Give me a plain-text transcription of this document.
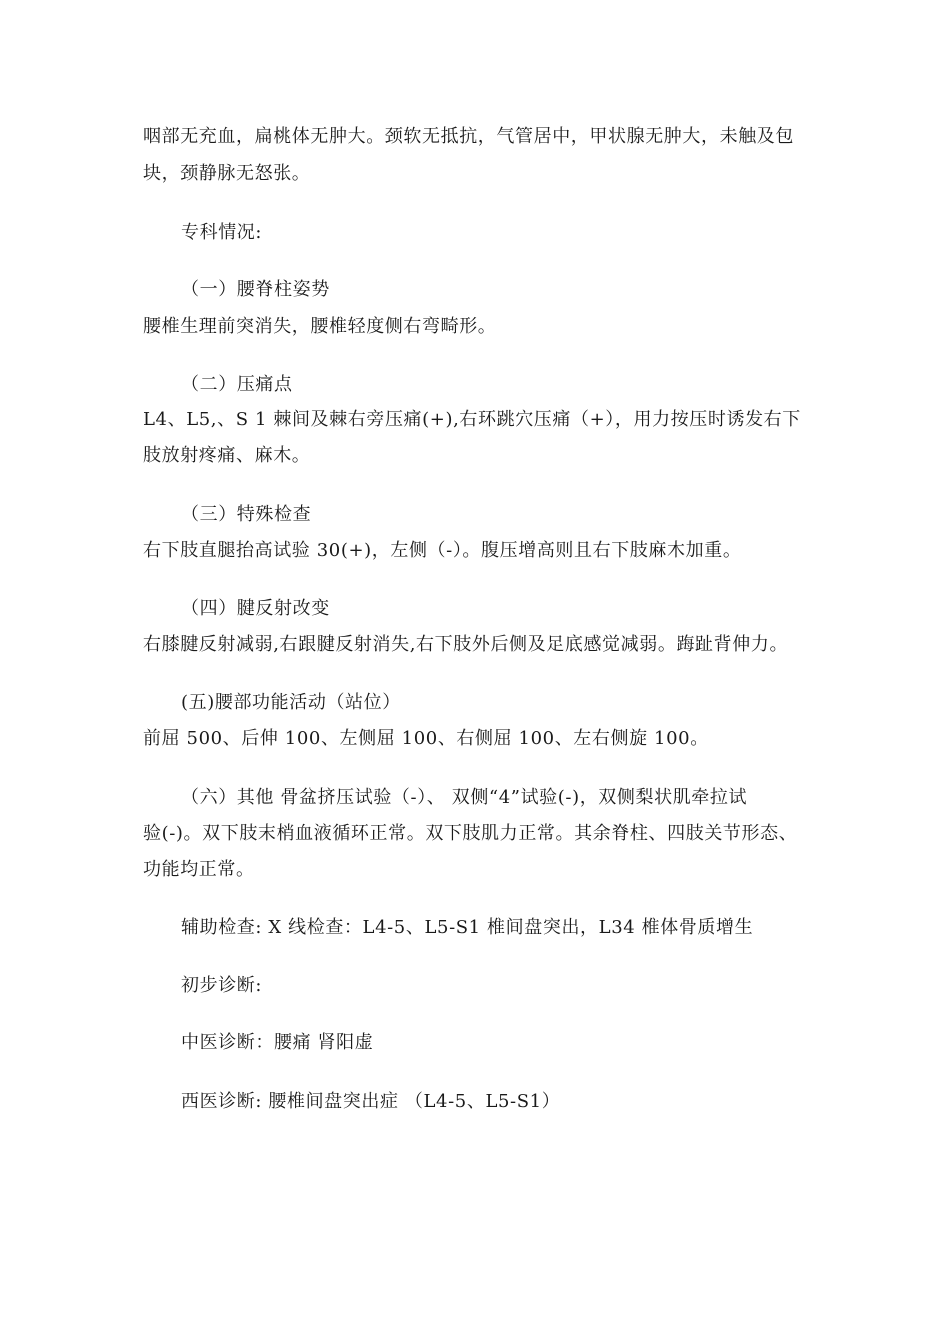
咽部无充血，扁桃体无肿大。颈软无抵抗，气管居中，甲状腺无肿大，未触及包
块，颈静脉无怒张。
专科情况:
（一）腰脊柱姿势
腰椎生理前突消失，腰椎轻度侧右弯畸形。
（二）压痛点
L4、L5,、S 1 棘间及棘右旁压痛(+),右环跳穴压痛（+），用力按压时诱发右下
肢放射疼痛、麻木。
（三）特殊检查
右下肢直腿抬高试验 30(+)，左侧（-）。腹压增高则且右下肢麻木加重。
（四）腱反射改变
右膝腱反射减弱,右跟腱反射消失,右下肢外后侧及足底感觉减弱。踇趾背伸力。
(五)腰部功能活动（站位）
前屈 500、后伸 100、左侧屈 100、右侧屈 100、左右侧旋 100。
（六）其他 骨盆挤压试验（-）、 双侧“4”试验(-)，双侧梨状肌牵拉试
验(-)。双下肢末梢血液循环正常。双下肢肌力正常。其余脊柱、四肢关节形态、
功能均正常。
辅助检查: X 线检查：L4-5、L5-S1 椎间盘突出，L34 椎体骨质增生
初步诊断:
中医诊断：腰痛 肾阳虚
西医诊断: 腰椎间盘突出症 （L4-5、L5-S1）
